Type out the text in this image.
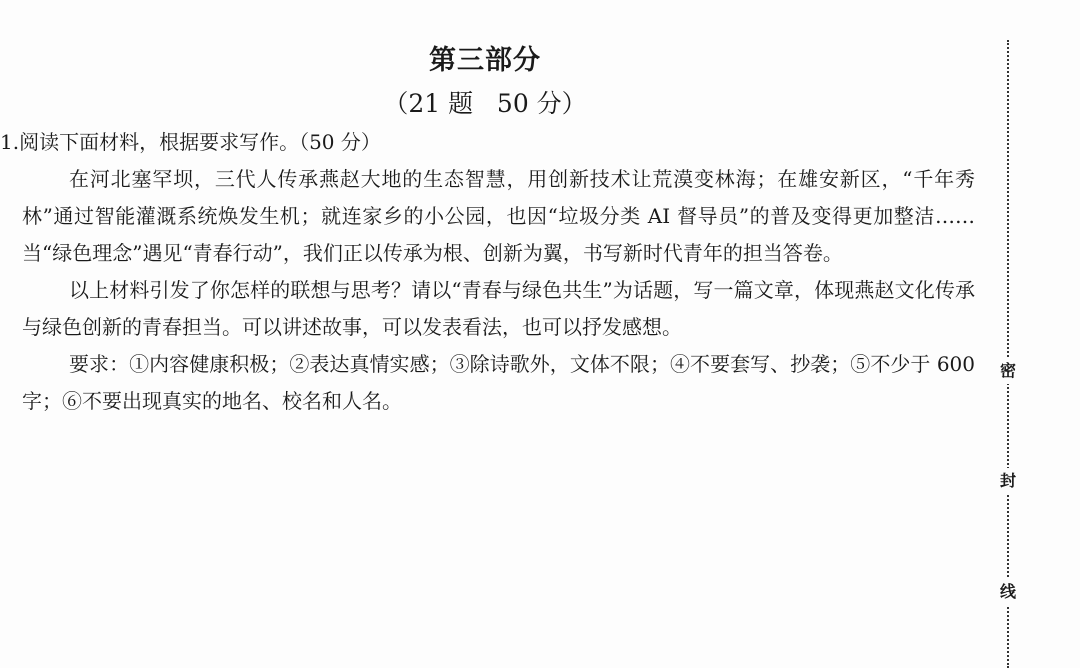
第三部分
（21 题   50 分）

1.阅读下面材料，根据要求写作。（50 分）

在河北塞罕坝，三代人传承燕赵大地的生态智慧，用创新技术让荒漠变林海；在雄安新区，“千年秀林”通过智能灌溉系统焕发生机；就连家乡的小公园，也因“垃圾分类 AI 督导员”的普及变得更加整洁……当“绿色理念”遇见“青春行动”，我们正以传承为根、创新为翼，书写新时代青年的担当答卷。

以上材料引发了你怎样的联想与思考？请以“青春与绿色共生”为话题，写一篇文章，体现燕赵文化传承与绿色创新的青春担当。可以讲述故事，可以发表看法，也可以抒发感想。

要求：①内容健康积极；②表达真情实感；③除诗歌外，文体不限；④不要套写、抄袭；⑤不少于 600 字；⑥不要出现真实的地名、校名和人名。

密
封
线
